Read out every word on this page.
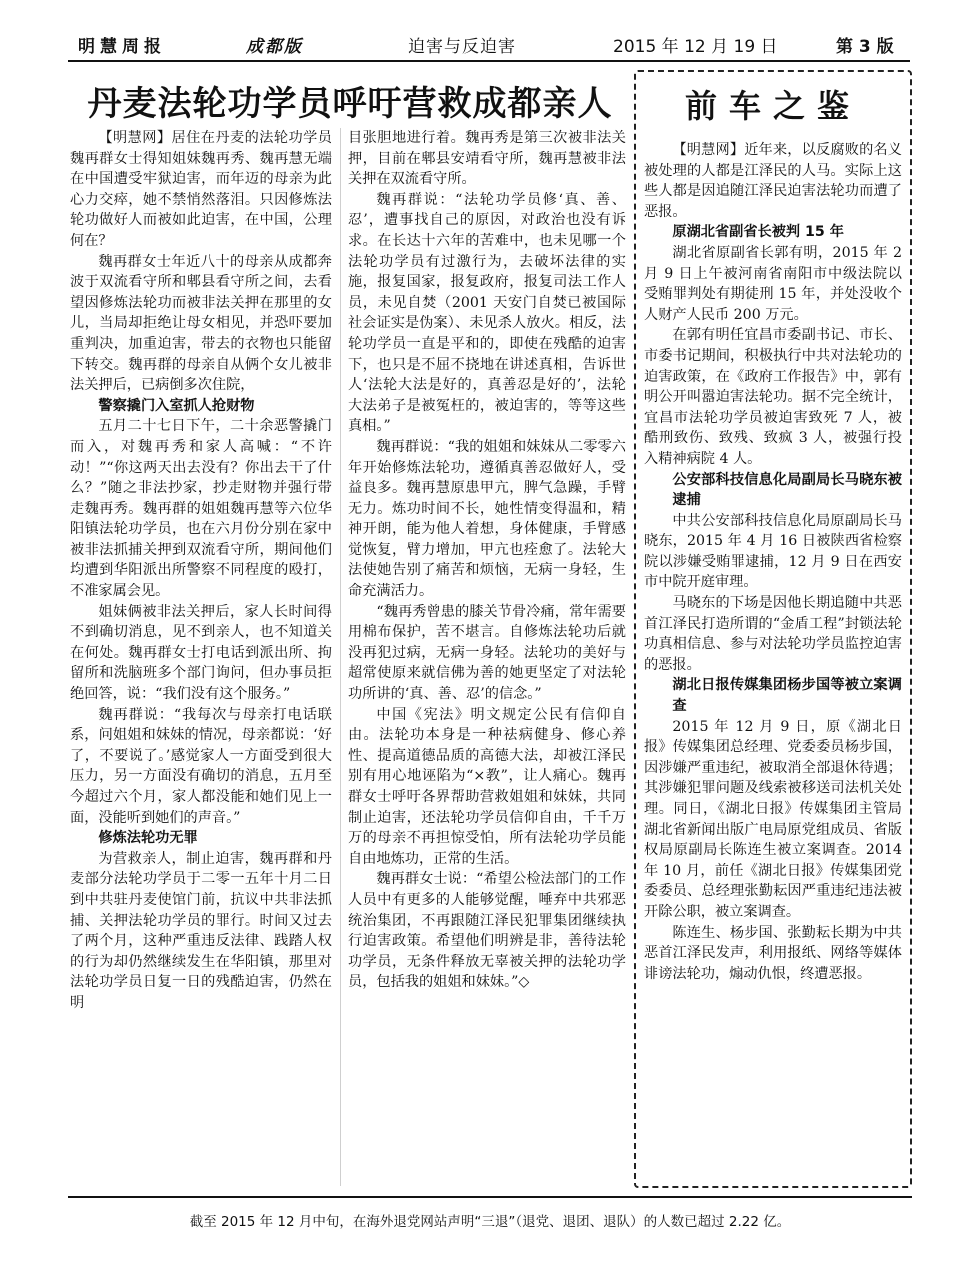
明慧周报	成都版	迫害与反迫害	2015 年 12 月 19 日	第 3 版
丹麦法轮功学员呼吁营救成都亲人

【明慧网】居住在丹麦的法轮功学员魏再群女士得知姐妹魏再秀、魏再慧无端在中国遭受牢狱迫害，而年迈的母亲为此心力交瘁，她不禁悄然落泪。只因修炼法轮功做好人而被如此迫害，在中国，公理何在？

魏再群女士年近八十的母亲从成都奔波于双流看守所和郫县看守所之间，去看望因修炼法轮功而被非法关押在那里的女儿，当局却拒绝让母女相见，并恐吓要加重判决，加重迫害，带去的衣物也只能留下转交。魏再群的母亲自从俩个女儿被非法关押后，已病倒多次住院，

警察撬门入室抓人抢财物

五月二十七日下午，二十余恶警撬门而入，对魏再秀和家人高喊：“不许动！”“你这两天出去没有？你出去干了什么？”随之非法抄家，抄走财物并强行带走魏再秀。魏再群的姐姐魏再慧等六位华阳镇法轮功学员，也在六月份分别在家中被非法抓捕关押到双流看守所，期间他们均遭到华阳派出所警察不同程度的殴打，不准家属会见。

姐妹俩被非法关押后，家人长时间得不到确切消息，见不到亲人，也不知道关在何处。魏再群女士打电话到派出所、拘留所和洗脑班多个部门询问，但办事员拒绝回答，说：“我们没有这个服务。”

魏再群说：“我每次与母亲打电话联系，问姐姐和妹妹的情况，母亲都说：‘好了，不要说了。’感觉家人一方面受到很大压力，另一方面没有确切的消息，五月至今超过六个月，家人都没能和她们见上一面，没能听到她们的声音。”

修炼法轮功无罪

为营救亲人，制止迫害，魏再群和丹麦部分法轮功学员于二零一五年十月二日到中共驻丹麦使馆门前，抗议中共非法抓捕、关押法轮功学员的罪行。时间又过去了两个月，这种严重违反法律、践踏人权的行为却仍然继续发生在华阳镇，那里对法轮功学员日复一日的残酷迫害，仍然在明

目张胆地进行着。魏再秀是第三次被非法关押，目前在郫县安靖看守所，魏再慧被非法关押在双流看守所。

魏再群说：“法轮功学员修‘真、善、忍’，遭事找自己的原因，对政治也没有诉求。在长达十六年的苦难中，也未见哪一个法轮功学员有过激行为，去破坏法律的实施，报复国家，报复政府，报复司法工作人员，未见自焚（2001 天安门自焚已被国际社会证实是伪案）、未见杀人放火。相反，法轮功学员一直是平和的，即使在残酷的迫害下，也只是不屈不挠地在讲述真相，告诉世人‘法轮大法是好的，真善忍是好的’，法轮大法弟子是被冤枉的，被迫害的，等等这些真相。”

魏再群说：“我的姐姐和妹妹从二零零六年开始修炼法轮功，遵循真善忍做好人，受益良多。魏再慧原患甲亢，脾气急躁，手臂无力。炼功时间不长，她性情变得温和，精神开朗，能为他人着想，身体健康，手臂感觉恢复，臂力增加，甲亢也痊愈了。法轮大法使她告别了痛苦和烦恼，无病一身轻，生命充满活力。

“魏再秀曾患的膝关节骨冷痛，常年需要用棉布保护，苦不堪言。自修炼法轮功后就没再犯过病，无病一身轻。法轮功的美好与超常使原来就信佛为善的她更坚定了对法轮功所讲的‘真、善、忍’的信念。”

中国《宪法》明文规定公民有信仰自由。法轮功本身是一种祛病健身、修心养性、提高道德品质的高德大法，却被江泽民别有用心地诬陷为“×教”，让人痛心。魏再群女士呼吁各界帮助营救姐姐和妹妹，共同制止迫害，还法轮功学员信仰自由，千千万万的母亲不再担惊受怕，所有法轮功学员能自由地炼功，正常的生活。

魏再群女士说：“希望公检法部门的工作人员中有更多的人能够觉醒，唾弃中共邪恶统治集团，不再跟随江泽民犯罪集团继续执行迫害政策。希望他们明辨是非，善待法轮功学员，无条件释放无辜被关押的法轮功学员，包括我的姐姐和妹妹。”◇

前车之鉴

【明慧网】近年来，以反腐败的名义被处理的人都是江泽民的人马。实际上这些人都是因追随江泽民迫害法轮功而遭了恶报。

原湖北省副省长被判 15 年

湖北省原副省长郭有明，2015 年 2 月 9 日上午被河南省南阳市中级法院以受贿罪判处有期徒刑 15 年，并处没收个人财产人民币 200 万元。

在郭有明任宜昌市委副书记、市长、市委书记期间，积极执行中共对法轮功的迫害政策，在《政府工作报告》中，郭有明公开叫嚣迫害法轮功。据不完全统计，宜昌市法轮功学员被迫害致死 7 人，被酷刑致伤、致残、致疯 3 人，被强行投入精神病院 4 人。

公安部科技信息化局副局长马晓东被逮捕

中共公安部科技信息化局原副局长马晓东，2015 年 4 月 16 日被陕西省检察院以涉嫌受贿罪逮捕，12 月 9 日在西安市中院开庭审理。

马晓东的下场是因他长期追随中共恶首江泽民打造所谓的“金盾工程”封锁法轮功真相信息、参与对法轮功学员监控迫害的恶报。

湖北日报传媒集团杨步国等被立案调查

2015 年 12 月 9 日，原《湖北日报》传媒集团总经理、党委委员杨步国，因涉嫌严重违纪，被取消全部退休待遇；其涉嫌犯罪问题及线索被移送司法机关处理。同日，《湖北日报》传媒集团主管局湖北省新闻出版广电局原党组成员、省版权局原副局长陈连生被立案调查。2014 年 10 月，前任《湖北日报》传媒集团党委委员、总经理张勤耘因严重违纪违法被开除公职，被立案调查。

陈连生、杨步国、张勤耘长期为中共恶首江泽民发声，利用报纸、网络等媒体诽谤法轮功，煽动仇恨，终遭恶报。

截至 2015 年 12 月中旬，在海外退党网站声明“三退”（退党、退团、退队）的人数已超过 2.22 亿。
